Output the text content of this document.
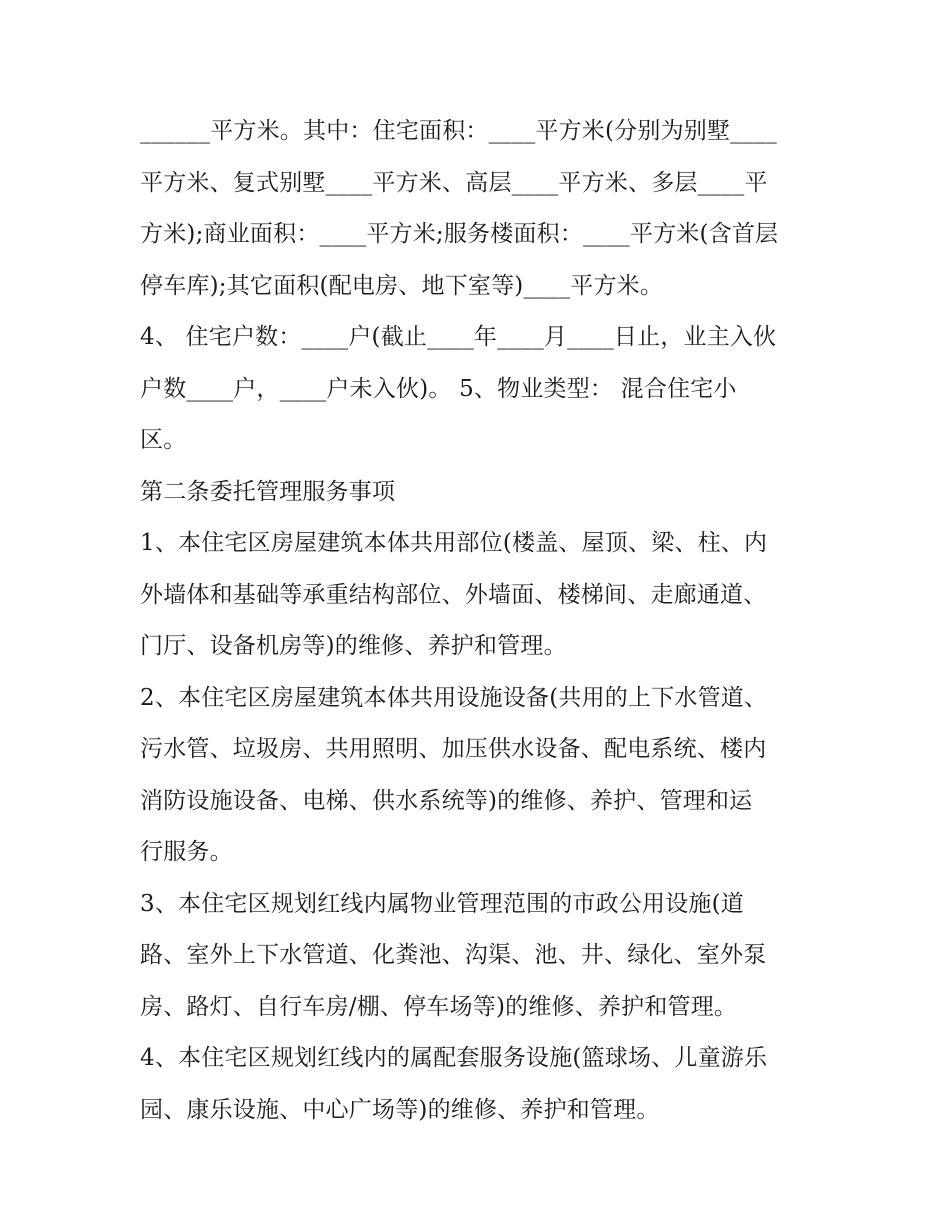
______平方米。其中：住宅面积：____平方米(分别为别墅____
平方米、复式别墅____平方米、高层____平方米、多层____平
方米);商业面积：____平方米;服务楼面积：____平方米(含首层
停车库);其它面积(配电房、地下室等)____平方米。
4、 住宅户数：____户(截止____年____月____日止，业主入伙
户数____户，____户未入伙)。 5、物业类型： 混合住宅小
区。
第二条委托管理服务事项
1、本住宅区房屋建筑本体共用部位(楼盖、屋顶、梁、柱、内
外墙体和基础等承重结构部位、外墙面、楼梯间、走廊通道、
门厅、设备机房等)的维修、养护和管理。
2、本住宅区房屋建筑本体共用设施设备(共用的上下水管道、
污水管、垃圾房、共用照明、加压供水设备、配电系统、楼内
消防设施设备、电梯、供水系统等)的维修、养护、管理和运
行服务。
3、本住宅区规划红线内属物业管理范围的市政公用设施(道
路、室外上下水管道、化粪池、沟渠、池、井、绿化、室外泵
房、路灯、自行车房/棚、停车场等)的维修、养护和管理。
4、本住宅区规划红线内的属配套服务设施(篮球场、儿童游乐
园、康乐设施、中心广场等)的维修、养护和管理。
